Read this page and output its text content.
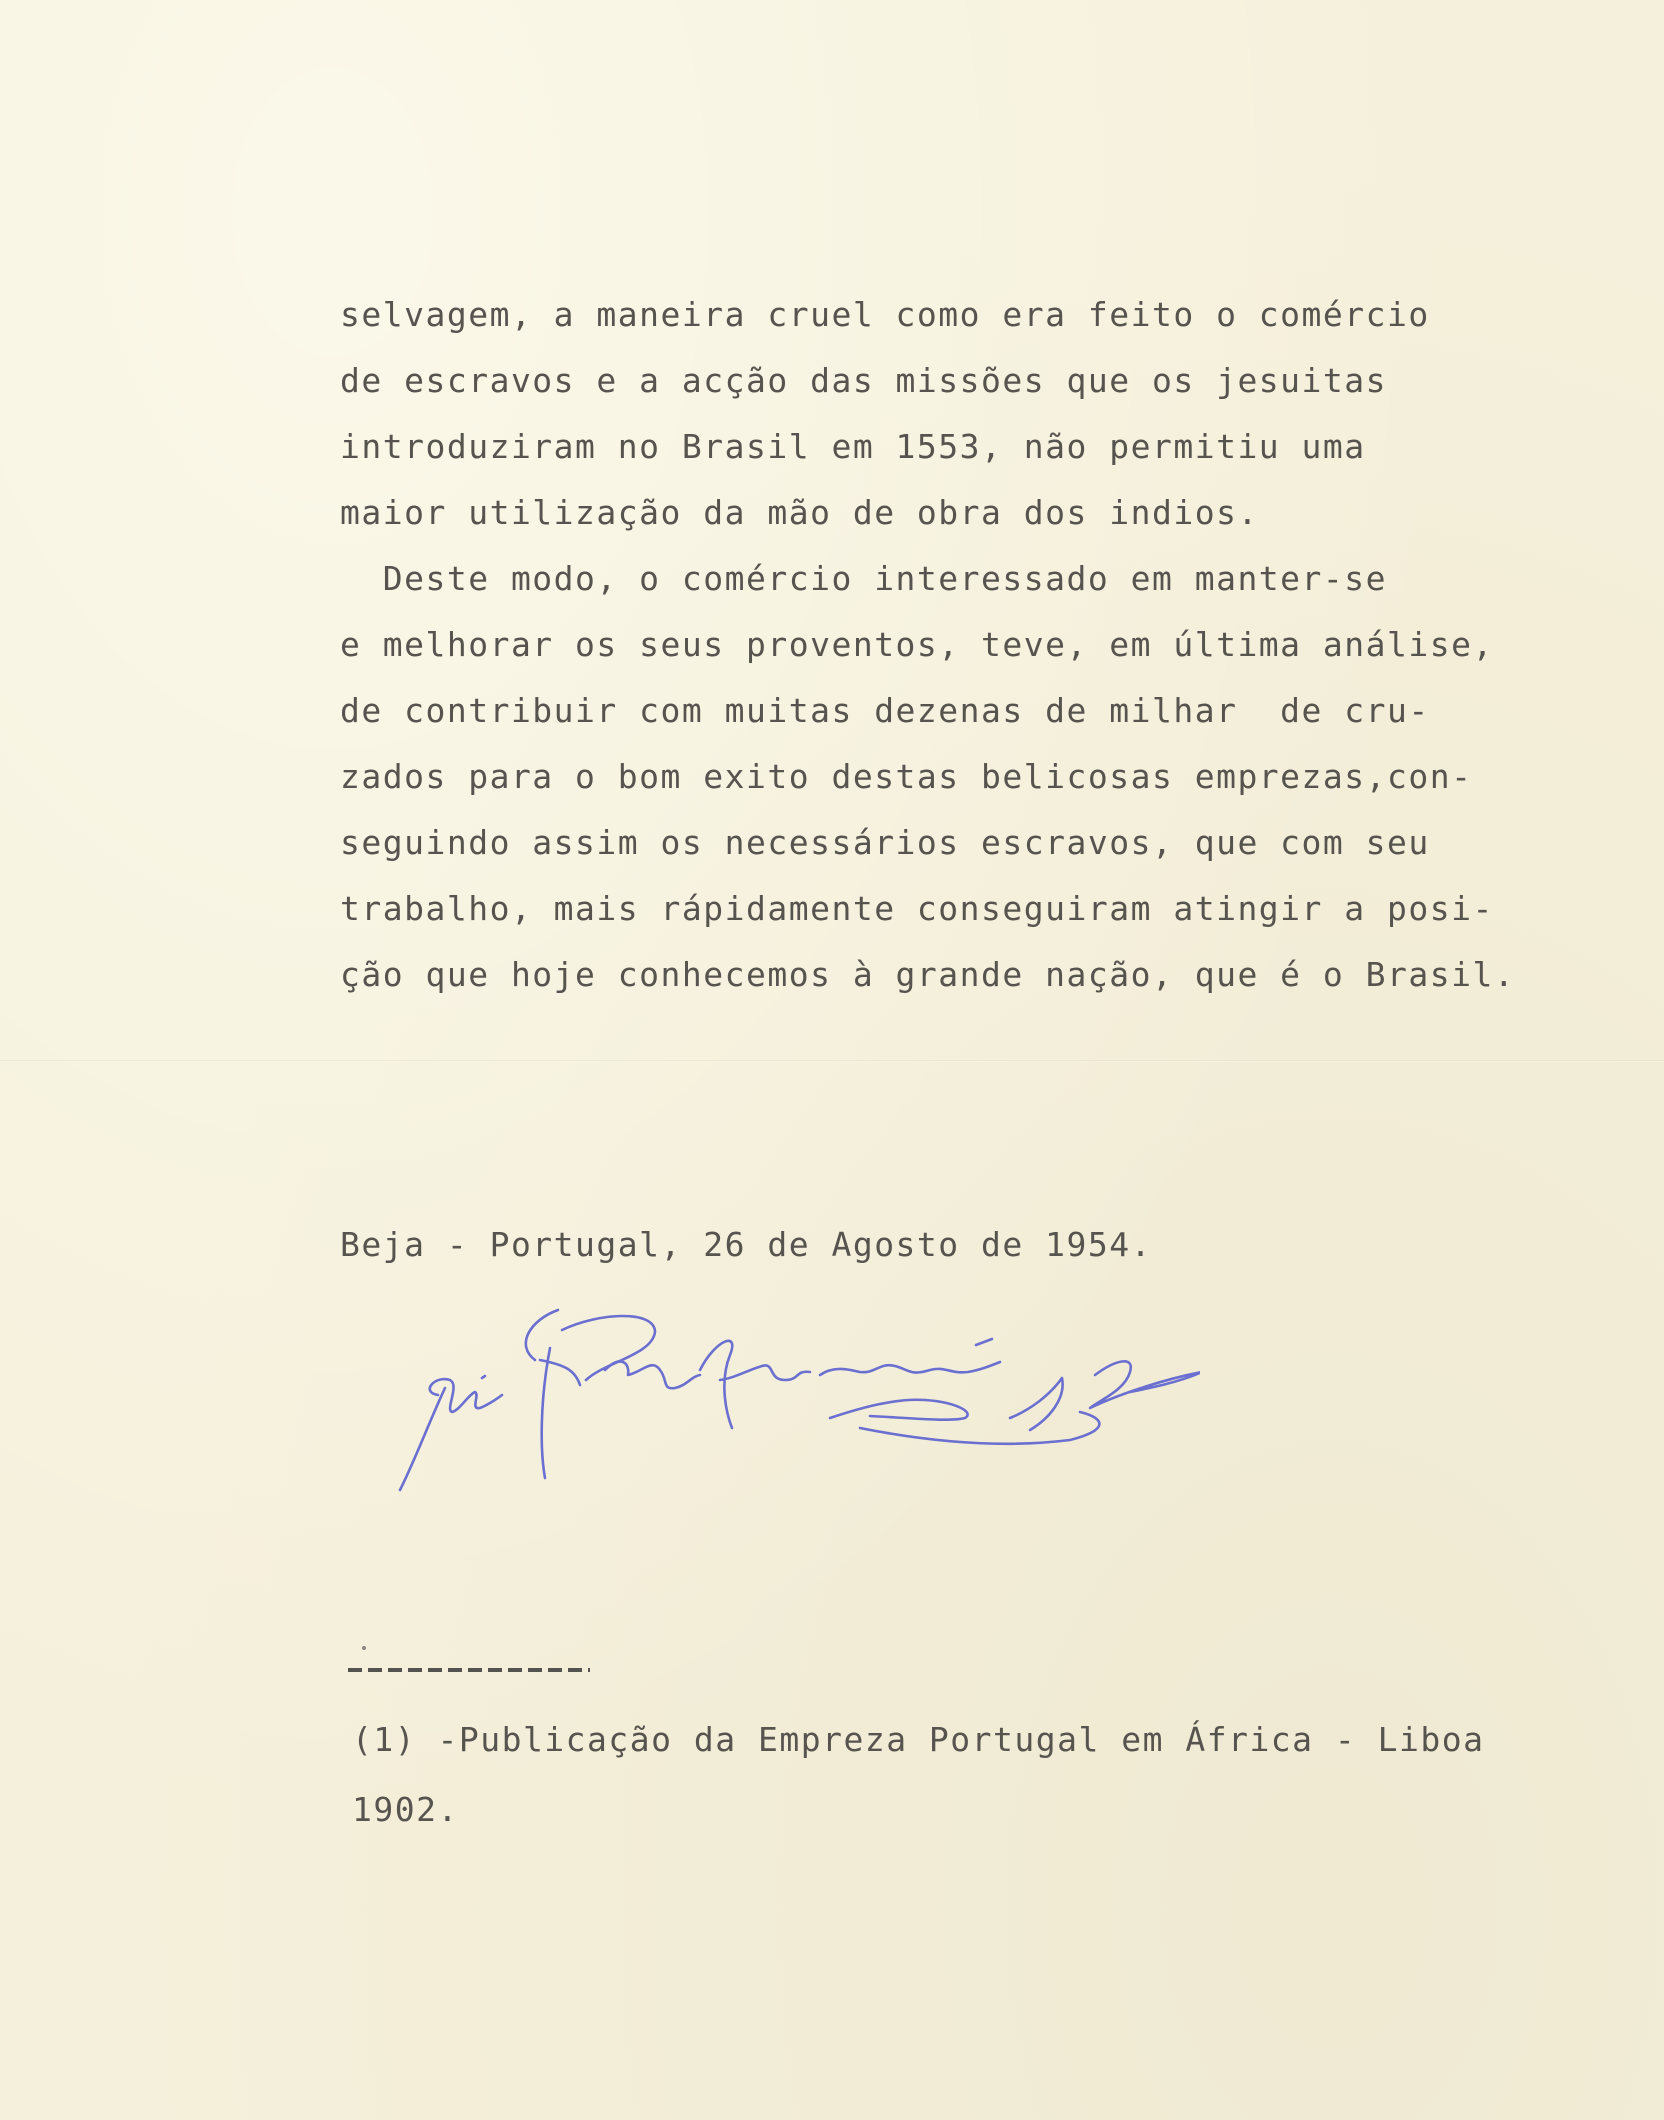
selvagem, a maneira cruel como era feito o comércio
de escravos e a acção das missões que os jesuitas
introduziram no Brasil em 1553, não permitiu uma
maior utilização da mão de obra dos indios.
Deste modo, o comércio interessado em manter-se
e melhorar os seus proventos, teve, em última análise,
de contribuir com muitas dezenas de milhar  de cru-
zados para o bom exito destas belicosas emprezas,con-
seguindo assim os necessários escravos, que com seu
trabalho, mais rápidamente conseguiram atingir a posi-
ção que hoje conhecemos à grande nação, que é o Brasil.
Beja - Portugal, 26 de Agosto de 1954.
(1) -Publicação da Empreza Portugal em África - Liboa
1902.
